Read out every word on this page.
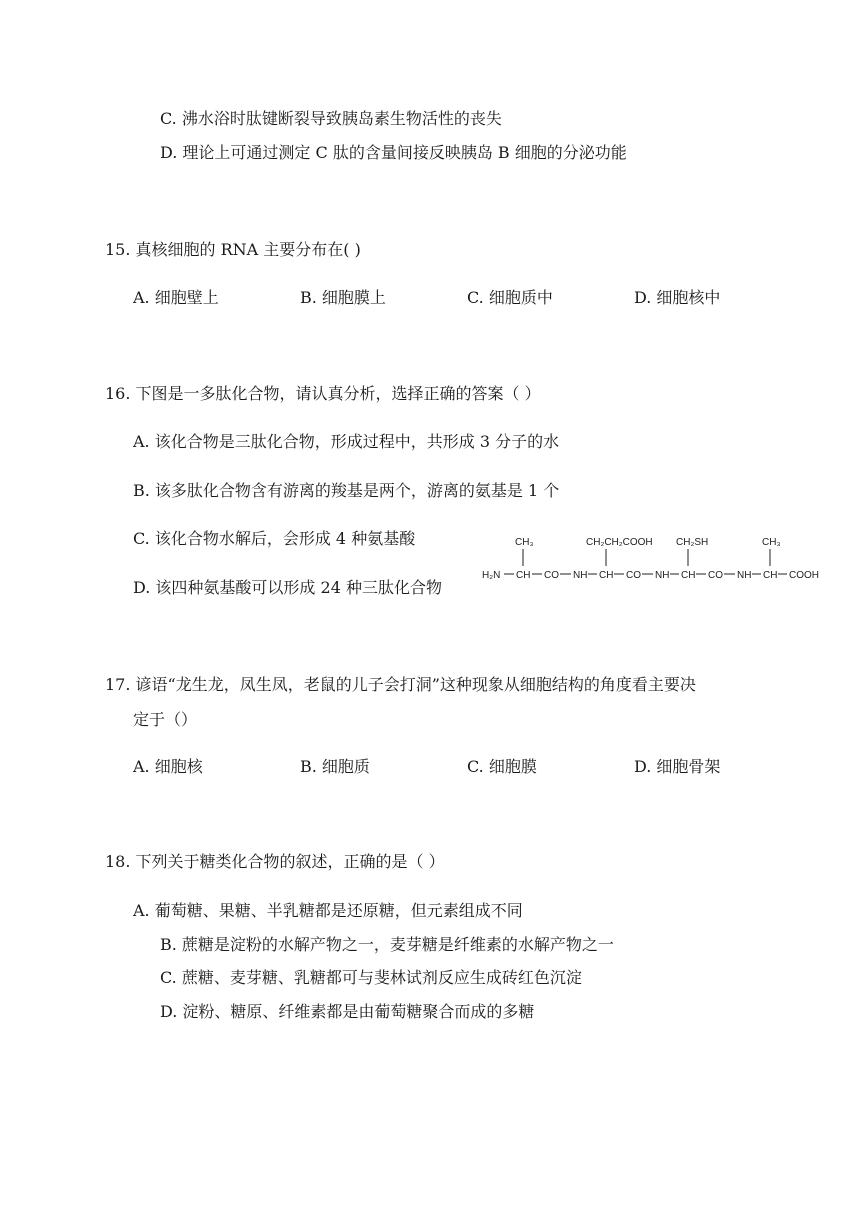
C. 沸水浴时肽键断裂导致胰岛素生物活性的丧失
D. 理论上可通过测定 C 肽的含量间接反映胰岛 B 细胞的分泌功能
15. 真核细胞的 RNA 主要分布在( )
A. 细胞壁上	B. 细胞膜上	C. 细胞质中	D. 细胞核中
16. 下图是一多肽化合物，请认真分析，选择正确的答案（ ）
A. 该化合物是三肽化合物，形成过程中，共形成 3 分子的水
B. 该多肽化合物含有游离的羧基是两个，游离的氨基是 1 个
C. 该化合物水解后，会形成 4 种氨基酸
D. 该四种氨基酸可以形成 24 种三肽化合物
CH₃	CH₂CH₂COOH CH₂SH	CH₃
H₂N CH CO NH CH CO NH CH CO NH CH COOH
17. 谚语“龙生龙，凤生凤，老鼠的儿子会打洞”这种现象从细胞结构的角度看主要决
定于（）
A. 细胞核	B. 细胞质	C. 细胞膜	D. 细胞骨架
18. 下列关于糖类化合物的叙述，正确的是（ ）
A. 葡萄糖、果糖、半乳糖都是还原糖，但元素组成不同
B. 蔗糖是淀粉的水解产物之一，麦芽糖是纤维素的水解产物之一
C. 蔗糖、麦芽糖、乳糖都可与斐林试剂反应生成砖红色沉淀
D. 淀粉、糖原、纤维素都是由葡萄糖聚合而成的多糖
